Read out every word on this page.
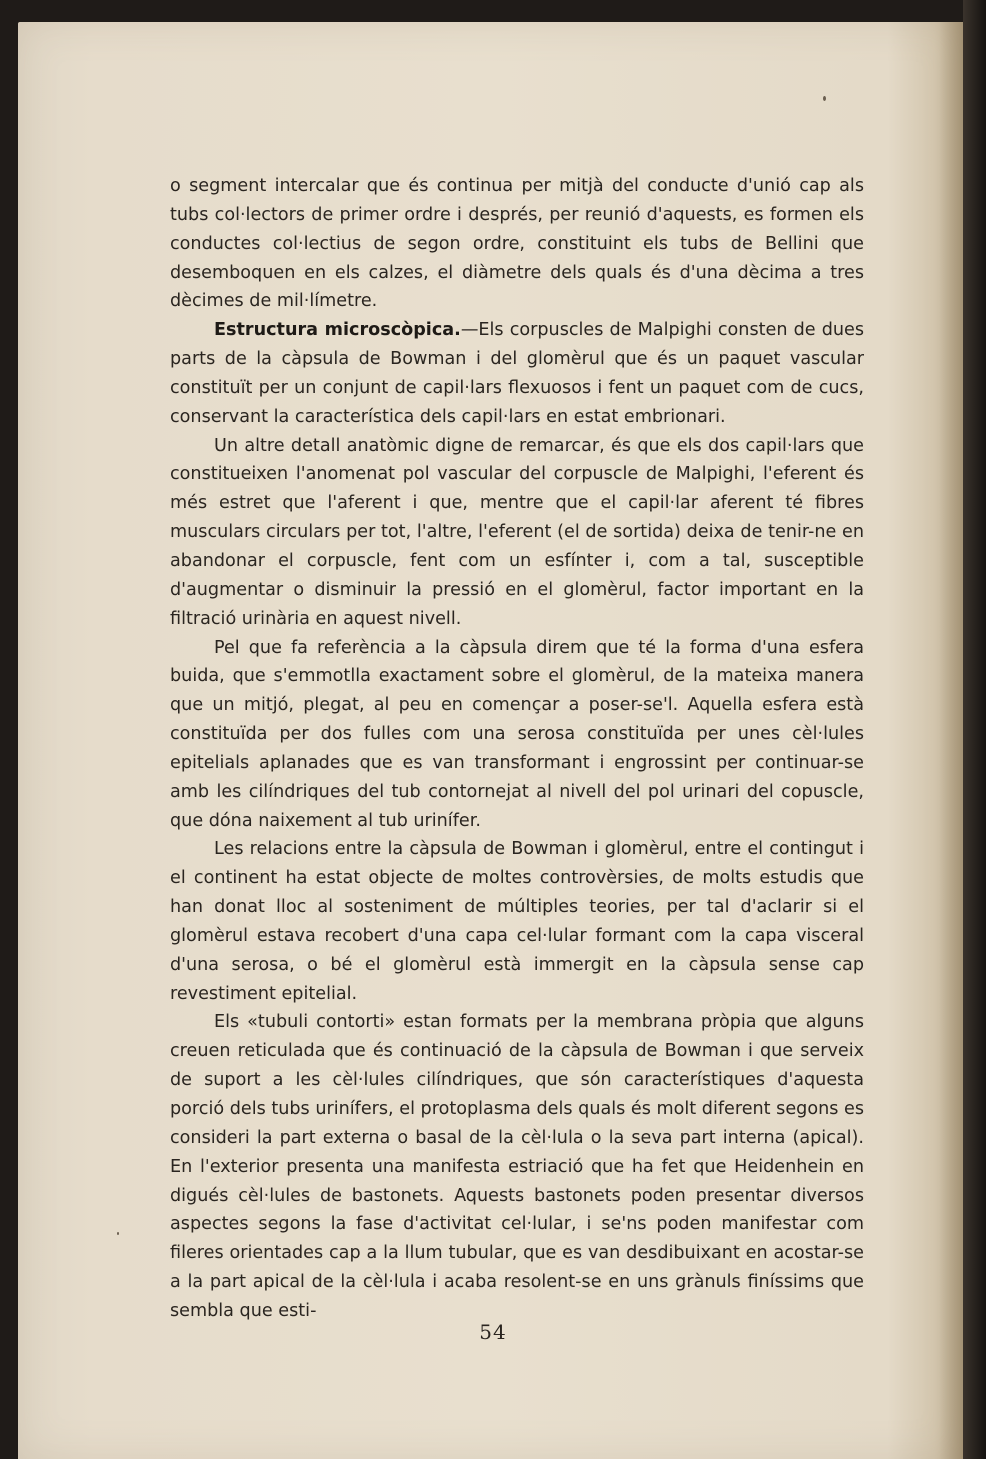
o segment intercalar que és continua per mitjà del conducte d'unió cap als tubs col·lectors de primer ordre i després, per reunió d'aquests, es formen els conductes col·lectius de segon ordre, constituint els tubs de Bellini que desemboquen en els calzes, el diàmetre dels quals és d'una dècima a tres dècimes de mil·límetre.

Estructura microscòpica.—Els corpuscles de Malpighi consten de dues parts de la càpsula de Bowman i del glomèrul que és un paquet vascular constituït per un conjunt de capil·lars flexuosos i fent un paquet com de cucs, conservant la característica dels capil·lars en estat embrionari.

Un altre detall anatòmic digne de remarcar, és que els dos capil·lars que constitueixen l'anomenat pol vascular del corpuscle de Malpighi, l'eferent és més estret que l'aferent i que, mentre que el capil·lar aferent té fibres musculars circulars per tot, l'altre, l'eferent (el de sortida) deixa de tenir-ne en abandonar el corpuscle, fent com un esfínter i, com a tal, susceptible d'augmentar o disminuir la pressió en el glomèrul, factor important en la filtració urinària en aquest nivell.

Pel que fa referència a la càpsula direm que té la forma d'una esfera buida, que s'emmotlla exactament sobre el glomèrul, de la mateixa manera que un mitjó, plegat, al peu en començar a poser-se'l. Aquella esfera està constituïda per dos fulles com una serosa constituïda per unes cèl·lules epitelials aplanades que es van transformant i engrossint per continuar-se amb les cilíndriques del tub contornejat al nivell del pol urinari del copuscle, que dóna naixement al tub urinífer.

Les relacions entre la càpsula de Bowman i glomèrul, entre el contingut i el continent ha estat objecte de moltes controvèrsies, de molts estudis que han donat lloc al sosteniment de múltiples teories, per tal d'aclarir si el glomèrul estava recobert d'una capa cel·lular formant com la capa visceral d'una serosa, o bé el glomèrul està immergit en la càpsula sense cap revestiment epitelial.

Els «tubuli contorti» estan formats per la membrana pròpia que alguns creuen reticulada que és continuació de la càpsula de Bowman i que serveix de suport a les cèl·lules cilíndriques, que són característiques d'aquesta porció dels tubs urinífers, el protoplasma dels quals és molt diferent segons es consideri la part externa o basal de la cèl·lula o la seva part interna (apical). En l'exterior presenta una manifesta estriació que ha fet que Heidenhein en digués cèl·lules de bastonets. Aquests bastonets poden presentar diversos aspectes segons la fase d'activitat cel·lular, i se'ns poden manifestar com fileres orientades cap a la llum tubular, que es van desdibuixant en acostar-se a la part apical de la cèl·lula i acaba resolent-se en uns grànuls finíssims que sembla que esti-

54
